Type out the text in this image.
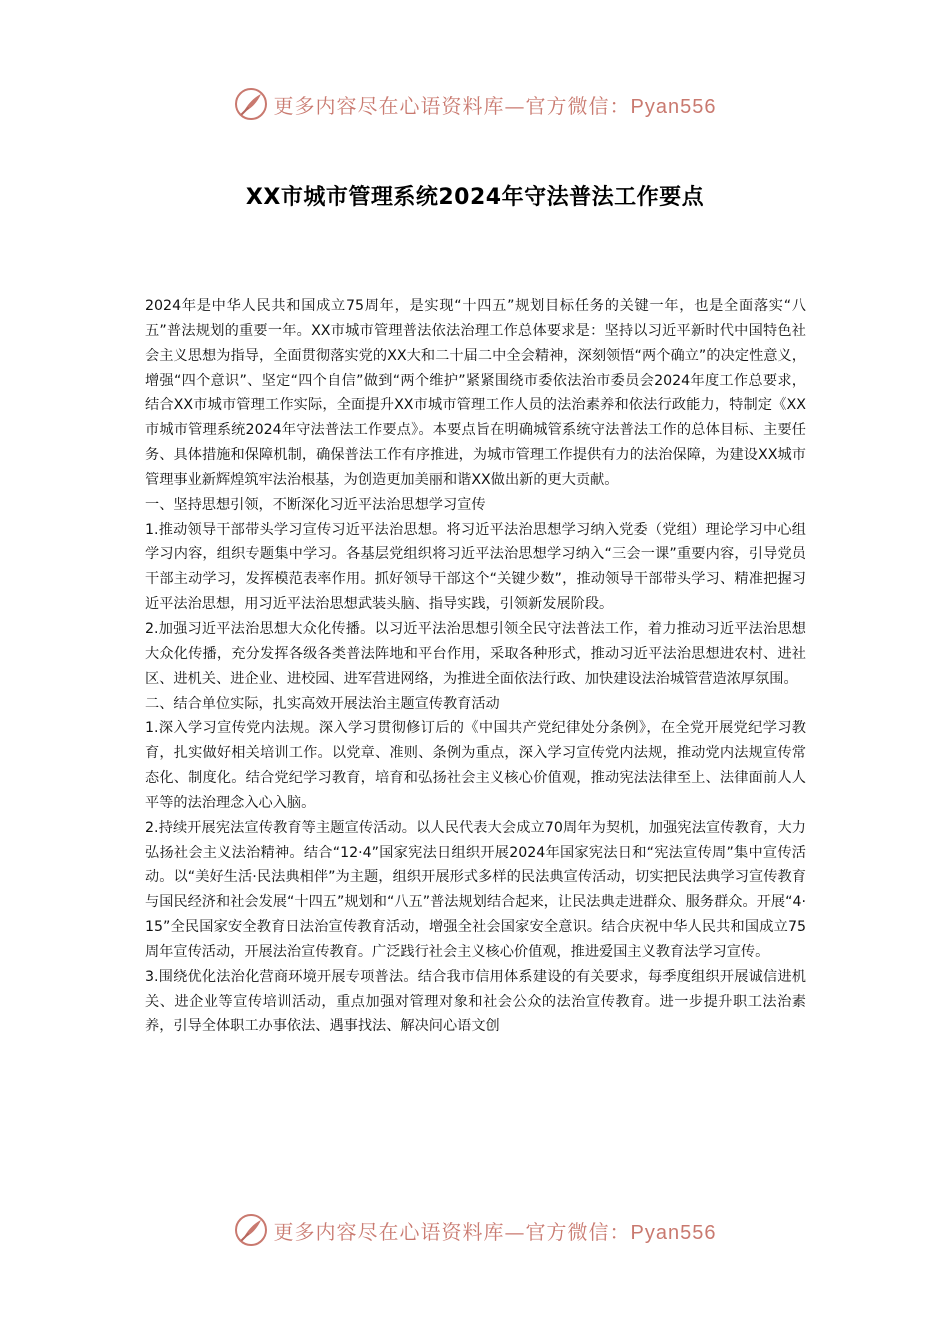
更多内容尽在心语资料库—官方微信：Pyan556
XX市城市管理系统2024年守法普法工作要点

2024年是中华人民共和国成立75周年，是实现“十四五”规划目标任务的关键一年，也是全面落实“八五”普法规划的重要一年。XX市城市管理普法依法治理工作总体要求是：坚持以习近平新时代中国特色社会主义思想为指导，全面贯彻落实党的XX大和二十届二中全会精神，深刻领悟“两个确立”的决定性意义，增强“四个意识”、坚定“四个自信”做到“两个维护”紧紧围绕市委依法治市委员会2024年度工作总要求，结合XX市城市管理工作实际，全面提升XX市城市管理工作人员的法治素养和依法行政能力，特制定《XX市城市管理系统2024年守法普法工作要点》。本要点旨在明确城管系统守法普法工作的总体目标、主要任务、具体措施和保障机制，确保普法工作有序推进，为城市管理工作提供有力的法治保障，为建设XX城市管理事业新辉煌筑牢法治根基，为创造更加美丽和谐XX做出新的更大贡献。

一、坚持思想引领，不断深化习近平法治思想学习宣传

1.推动领导干部带头学习宣传习近平法治思想。将习近平法治思想学习纳入党委（党组）理论学习中心组学习内容，组织专题集中学习。各基层党组织将习近平法治思想学习纳入“三会一课”重要内容，引导党员干部主动学习，发挥模范表率作用。抓好领导干部这个“关键少数”，推动领导干部带头学习、精准把握习近平法治思想，用习近平法治思想武装头脑、指导实践，引领新发展阶段。

2.加强习近平法治思想大众化传播。以习近平法治思想引领全民守法普法工作，着力推动习近平法治思想大众化传播，充分发挥各级各类普法阵地和平台作用，采取各种形式，推动习近平法治思想进农村、进社区、进机关、进企业、进校园、进军营进网络，为推进全面依法行政、加快建设法治城管营造浓厚氛围。

二、结合单位实际，扎实高效开展法治主题宣传教育活动

1.深入学习宣传党内法规。深入学习贯彻修订后的《中国共产党纪律处分条例》，在全党开展党纪学习教育，扎实做好相关培训工作。以党章、准则、条例为重点，深入学习宣传党内法规，推动党内法规宣传常态化、制度化。结合党纪学习教育，培育和弘扬社会主义核心价值观，推动宪法法律至上、法律面前人人平等的法治理念入心入脑。

2.持续开展宪法宣传教育等主题宣传活动。以人民代表大会成立70周年为契机，加强宪法宣传教育，大力弘扬社会主义法治精神。结合“12·4”国家宪法日组织开展2024年国家宪法日和“宪法宣传周”集中宣传活动。以“美好生活·民法典相伴”为主题，组织开展形式多样的民法典宣传活动，切实把民法典学习宣传教育与国民经济和社会发展“十四五”规划和“八五”普法规划结合起来，让民法典走进群众、服务群众。开展“4·15”全民国家安全教育日法治宣传教育活动，增强全社会国家安全意识。结合庆祝中华人民共和国成立75周年宣传活动，开展法治宣传教育。广泛践行社会主义核心价值观，推进爱国主义教育法学习宣传。

3.围绕优化法治化营商环境开展专项普法。结合我市信用体系建设的有关要求，每季度组织开展诚信进机关、进企业等宣传培训活动，重点加强对管理对象和社会公众的法治宣传教育。进一步提升职工法治素养，引导全体职工办事依法、遇事找法、解决问心语文创

更多内容尽在心语资料库—官方微信：Pyan556
